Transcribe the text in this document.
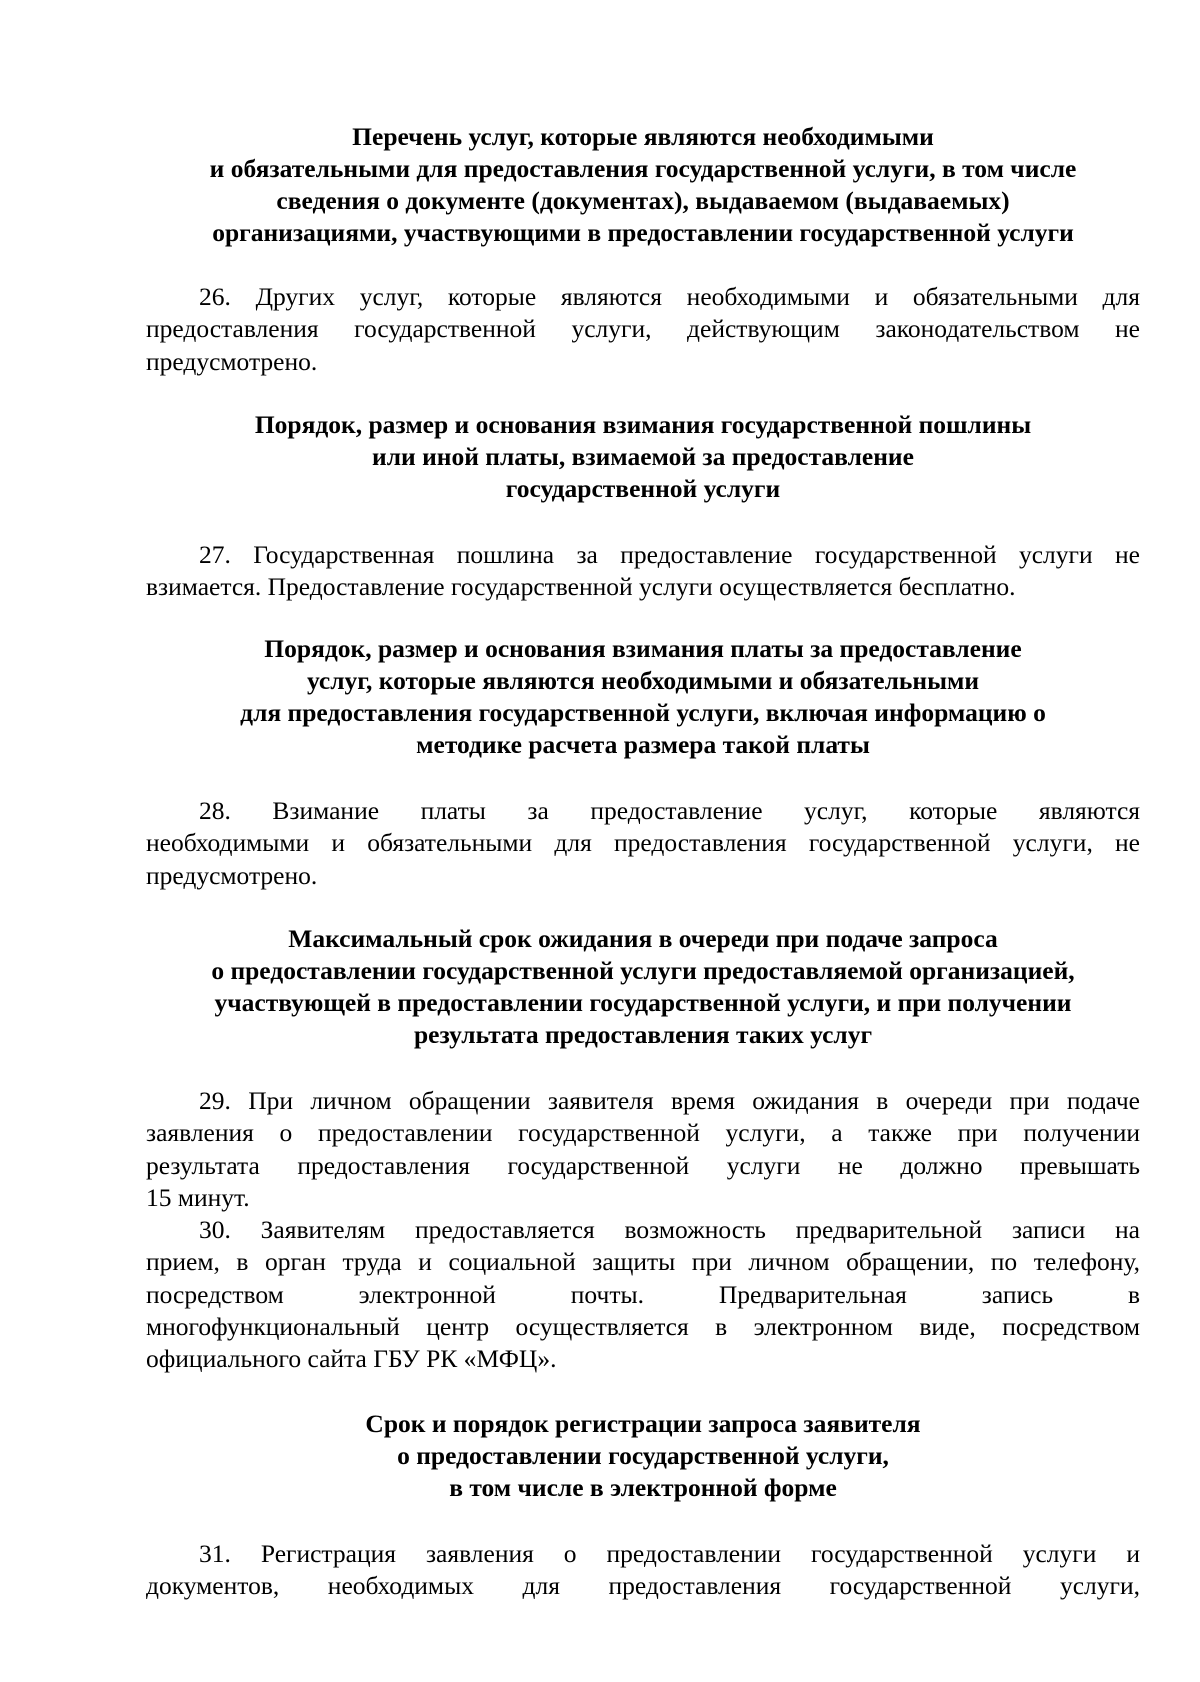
Перечень услуг, которые являются необходимыми
и обязательными для предоставления государственной услуги, в том числе
сведения о документе (документах), выдаваемом (выдаваемых)
организациями, участвующими в предоставлении государственной услуги
26. Других услуг, которые являются необходимыми и обязательными для
предоставления государственной услуги, действующим законодательством не
предусмотрено.
Порядок, размер и основания взимания государственной пошлины
или иной платы, взимаемой за предоставление
государственной услуги
27. Государственная пошлина за предоставление государственной услуги не
взимается. Предоставление государственной услуги осуществляется бесплатно.
Порядок, размер и основания взимания платы за предоставление
услуг, которые являются необходимыми и обязательными
для предоставления государственной услуги, включая информацию о
методике расчета размера такой платы
28. Взимание платы за предоставление услуг, которые являются
необходимыми и обязательными для предоставления государственной услуги, не
предусмотрено.
Максимальный срок ожидания в очереди при подаче запроса
о предоставлении государственной услуги предоставляемой организацией,
участвующей в предоставлении государственной услуги, и при получении
результата предоставления таких услуг
29. При личном обращении заявителя время ожидания в очереди при подаче
заявления о предоставлении государственной услуги, а также при получении
результата предоставления государственной услуги не должно превышать
15 минут.
30. Заявителям предоставляется возможность предварительной записи на
прием, в орган труда и социальной защиты при личном обращении, по телефону,
посредством электронной почты. Предварительная запись в
многофункциональный центр осуществляется в электронном виде, посредством
официального сайта ГБУ РК «МФЦ».
Срок и порядок регистрации запроса заявителя
о предоставлении государственной услуги,
в том числе в электронной форме
31. Регистрация заявления о предоставлении государственной услуги и
документов, необходимых для предоставления государственной услуги,
